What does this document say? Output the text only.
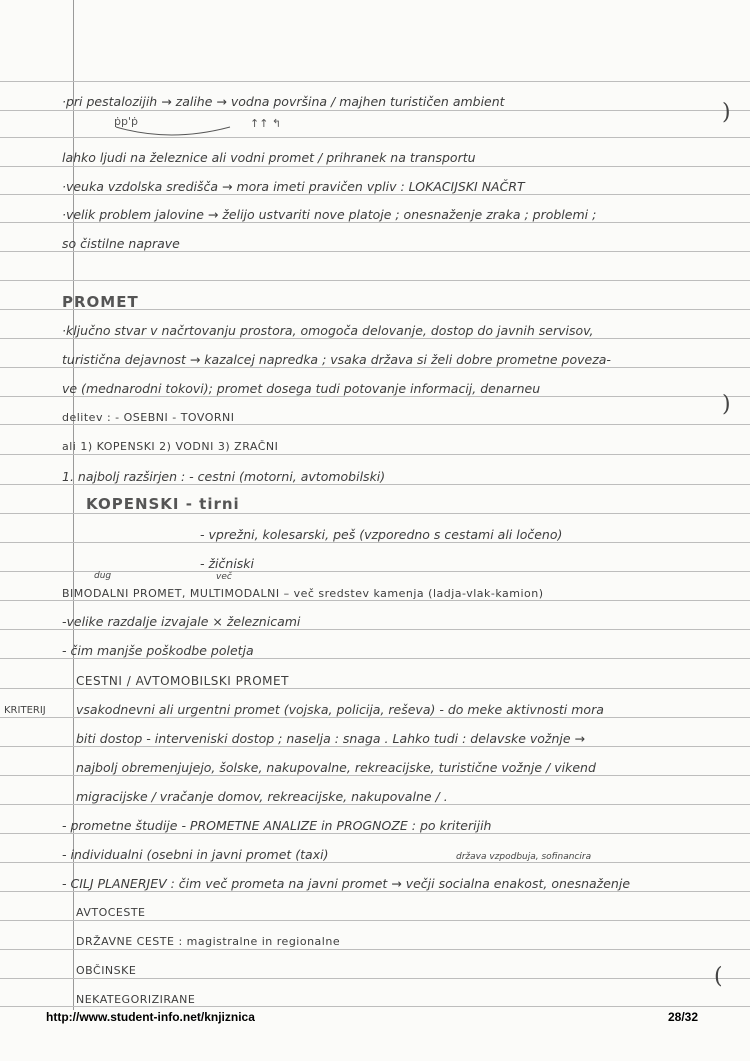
ṗp'ṗ	↑↑ ↰
·pri pestalozijih → zalihe → vodna površina / majhen turističen ambient
lahko ljudi na železnice ali vodni promet / prihranek na transportu
·veuka vzdolska središča → mora imeti pravičen vpliv : LOKACIJSKI NAČRT
·velik problem jalovine → želijo ustvariti nove platoje ; onesnaženje zraka ; problemi ;
so čistilne naprave
PROMET
·ključno stvar v načrtovanju prostora, omogoča delovanje, dostop do javnih servisov,
turistična dejavnost → kazalcej napredka ; vsaka država si želi dobre prometne poveza-
ve (mednarodni tokovi); promet dosega tudi potovanje informacij, denarneu
delitev : - OSEBNI - TOVORNI
ali 1) KOPENSKI 2) VODNI 3) ZRAČNI
1. najbolj razširjen : - cestni (motorni, avtomobilski)
KOPENSKI - tirni
- vprežni, kolesarski, peš (vzporedno s cestami ali ločeno)
- žičniski
BIMODALNI PROMET, MULTIMODALNI – več sredstev kamenja (ladja-vlak-kamion)
-velike razdalje izvajale × železnicami
- čim manjše poškodbe poletja
CESTNI / AVTOMOBILSKI PROMET
vsakodnevni ali urgentni promet (vojska, policija, reševa) - do meke aktivnosti mora
biti dostop - interveniski dostop ; naselja : snaga . Lahko tudi : delavske vožnje →
najbolj obremenjujejo, šolske, nakupovalne, rekreacijske, turistične vožnje / vikend
migracijske / vračanje domov, rekreacijske, nakupovalne / .
- prometne študije - PROMETNE ANALIZE in PROGNOZE : po kriterijih
- individualni (osebni in javni promet (taxi)
- CILJ PLANERJEV : čim več prometa na javni promet → večji socialna enakost, onesnaženje
AVTOCESTE
DRŽAVNE CESTE : magistralne in regionalne
OBČINSKE
NEKATEGORIZIRANE
KRITERIJ
dug	več
država vzpodbuja, sofinancira
)
)
(
http://www.student-info.net/knjiznica	28/32
